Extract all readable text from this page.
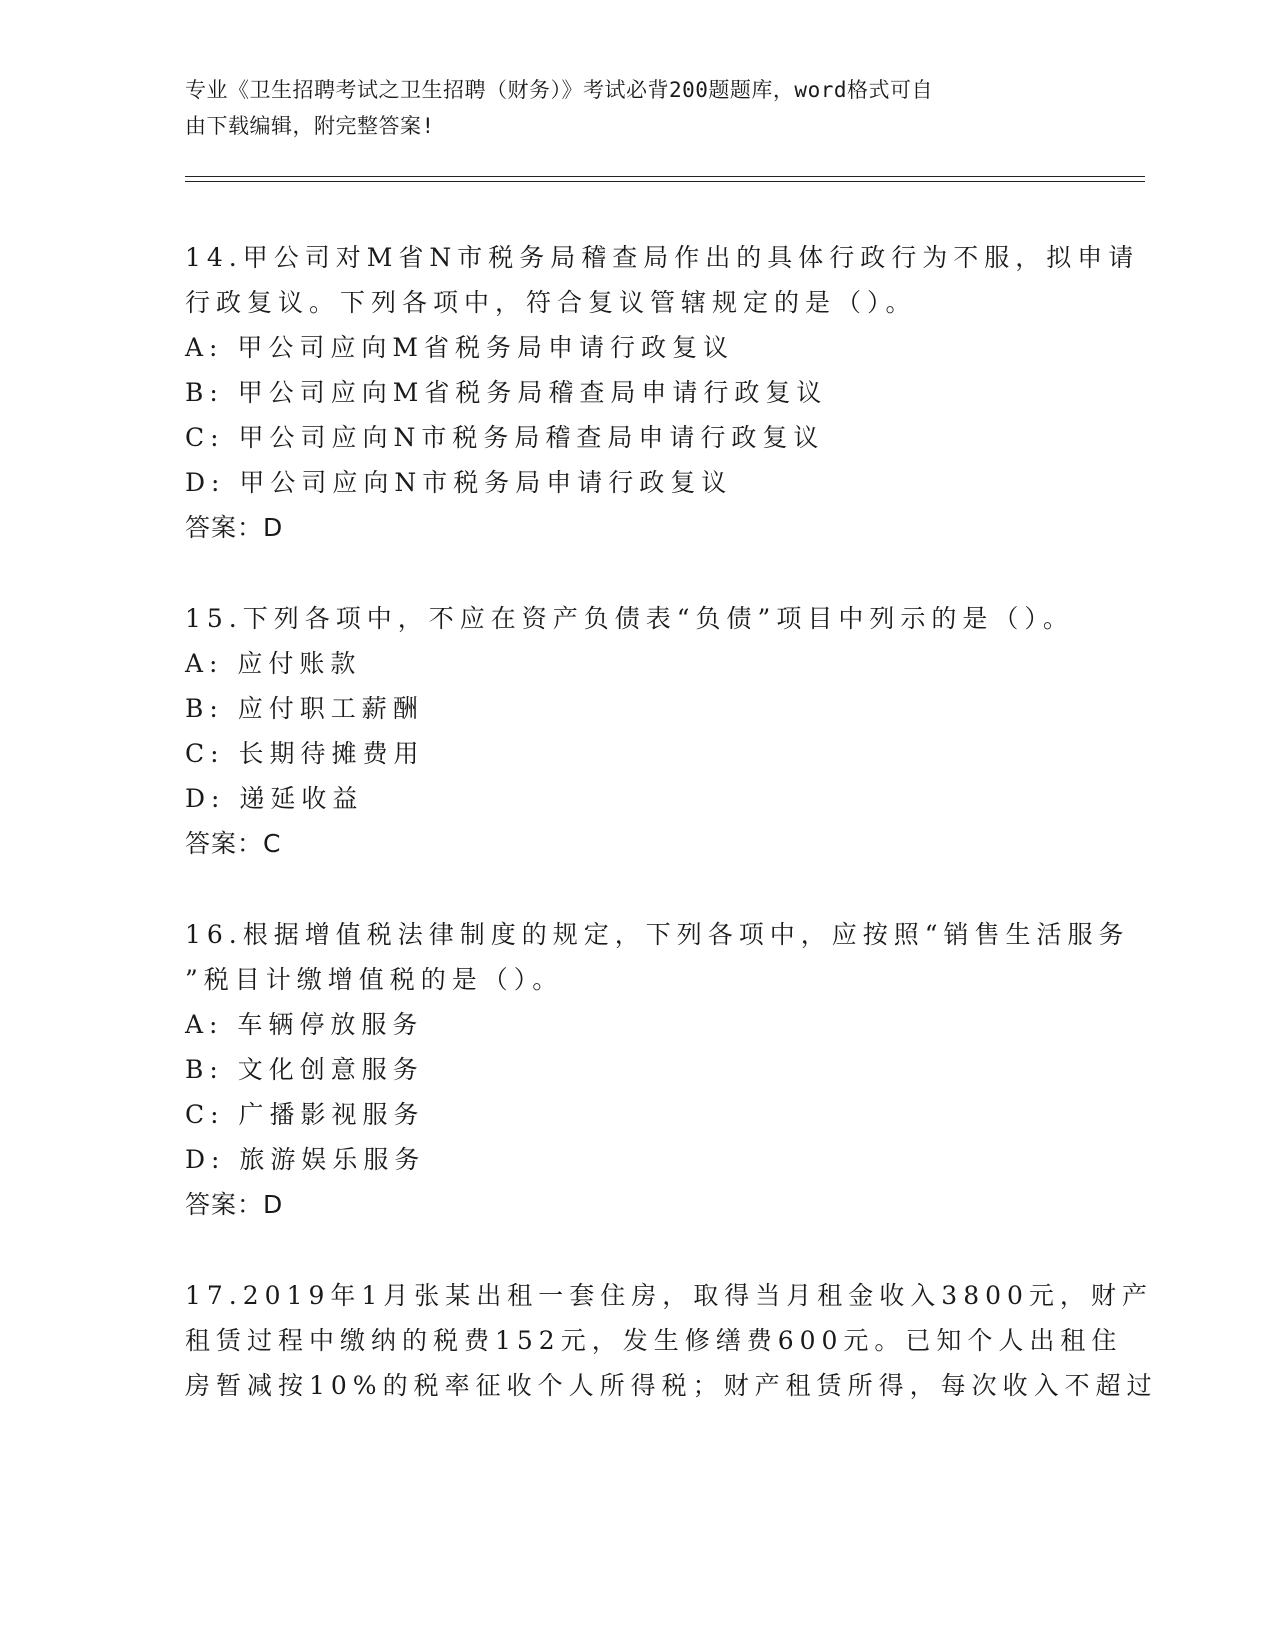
专业《卫生招聘考试之卫生招聘（财务）》考试必背200题题库，word格式可自
由下载编辑，附完整答案!
14.甲公司对M省N市税务局稽查局作出的具体行政行为不服，拟申请
行政复议。下列各项中，符合复议管辖规定的是（）。
A: 甲公司应向M省税务局申请行政复议
B: 甲公司应向M省税务局稽查局申请行政复议
C: 甲公司应向N市税务局稽查局申请行政复议
D: 甲公司应向N市税务局申请行政复议
答案：D
15.下列各项中，不应在资产负债表“负债”项目中列示的是（）。
A: 应付账款
B: 应付职工薪酬
C: 长期待摊费用
D: 递延收益
答案：C
16.根据增值税法律制度的规定，下列各项中，应按照“销售生活服务
”税目计缴增值税的是（）。
A: 车辆停放服务
B: 文化创意服务
C: 广播影视服务
D: 旅游娱乐服务
答案：D
17.2019年1月张某出租一套住房，取得当月租金收入3800元，财产
租赁过程中缴纳的税费152元，发生修缮费600元。已知个人出租住
房暂减按10%的税率征收个人所得税；财产租赁所得，每次收入不超过
